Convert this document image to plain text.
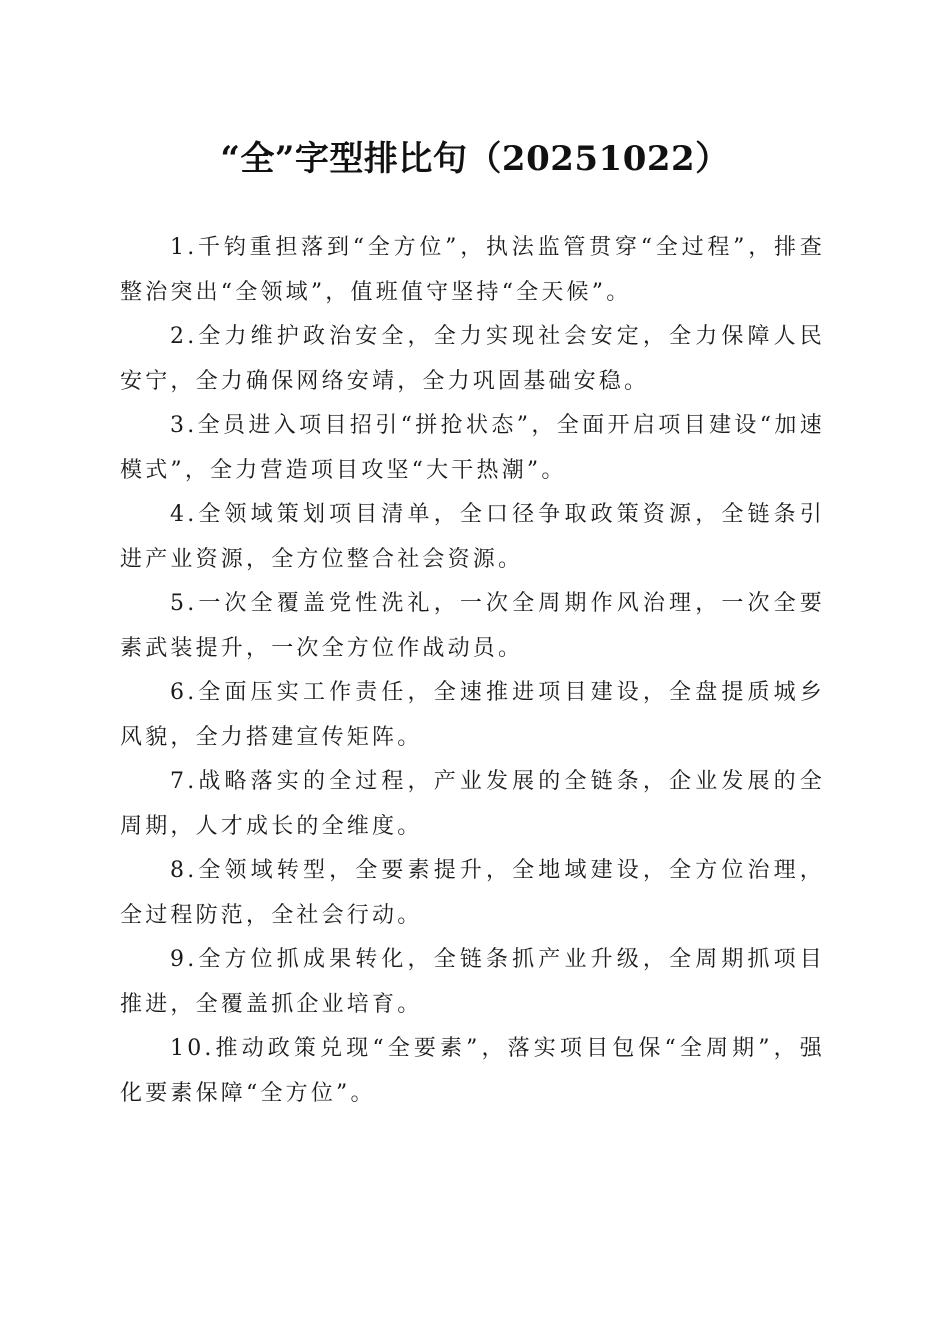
“全”字型排比句（20251022）

1.千钧重担落到“全方位”，执法监管贯穿“全过程”，排查整治突出“全领域”，值班值守坚持“全天候”。

2.全力维护政治安全，全力实现社会安定，全力保障人民安宁，全力确保网络安靖，全力巩固基础安稳。

3.全员进入项目招引“拼抢状态”，全面开启项目建设“加速模式”，全力营造项目攻坚“大干热潮”。

4.全领域策划项目清单，全口径争取政策资源，全链条引进产业资源，全方位整合社会资源。

5.一次全覆盖党性洗礼，一次全周期作风治理，一次全要素武装提升，一次全方位作战动员。

6.全面压实工作责任，全速推进项目建设，全盘提质城乡风貌，全力搭建宣传矩阵。

7.战略落实的全过程，产业发展的全链条，企业发展的全周期，人才成长的全维度。

8.全领域转型，全要素提升，全地域建设，全方位治理，全过程防范，全社会行动。

9.全方位抓成果转化，全链条抓产业升级，全周期抓项目推进，全覆盖抓企业培育。

10.推动政策兑现“全要素”，落实项目包保“全周期”，强化要素保障“全方位”。
